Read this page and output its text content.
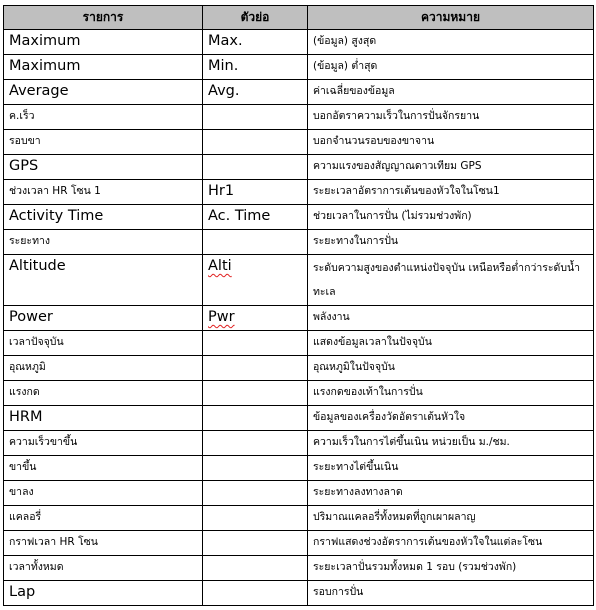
รายการ	ตัวย่อ	ความหมาย
Maximum	Max.	(ข้อมูล) สูงสุด
Maximum	Min.	(ข้อมูล) ต่ำสุด
Average	Avg.	ค่าเฉลี่ยของข้อมูล
ค.เร็ว		บอกอัตราความเร็วในการปั่นจักรยาน
รอบขา		บอกจำนวนรอบของขาจาน
GPS		ความแรงของสัญญาณดาวเทียม GPS
ช่วงเวลา HR โซน 1	Hr1	ระยะเวลาอัตราการเต้นของหัวใจในโซน1
Activity Time	Ac. Time	ช่วยเวลาในการปั่น (ไม่รวมช่วงพัก)
ระยะทาง		ระยะทางในการปั่น
Altitude	Alti	ระดับความสูงของตำแหน่งปัจจุบัน เหนือหรือต่ำกว่าระดับน้ำทะเล
Power	Pwr	พลังงาน
เวลาปัจจุบัน		แสดงข้อมูลเวลาในปัจจุบัน
อุณหภูมิ		อุณหภูมิในปัจจุบัน
แรงกด		แรงกดของเท้าในการปั่น
HRM		ข้อมูลของเครื่องวัดอัตราเต้นหัวใจ
ความเร็วขาขึ้น		ความเร็วในการไต่ขึ้นเนิน หน่วยเป็น ม./ชม.
ขาขึ้น		ระยะทางไต่ขึ้นเนิน
ขาลง		ระยะทางลงทางลาด
แคลอรี่		ปริมาณแคลอรี่ทั้งหมดที่ถูกเผาผลาญ
กราฟเวลา HR โซน		กราฟแสดงช่วงอัตราการเต้นของหัวใจในแต่ละโซน
เวลาทั้งหมด		ระยะเวลาปั่นรวมทั้งหมด 1 รอบ (รวมช่วงพัก)
Lap		รอบการปั่น
